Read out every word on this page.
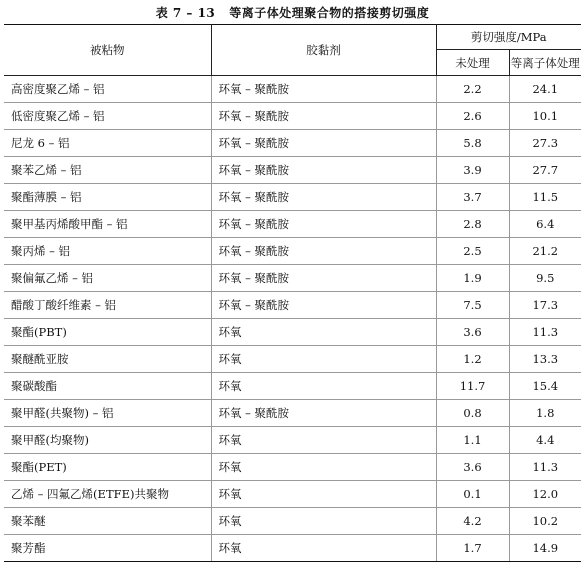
表 7 – 13 等离子体处理聚合物的搭接剪切强度
被粘物	胶黏剂	剪切强度/MPa	
		未处理	等离子体处理
高密度聚乙烯 – 铝	环氧 – 聚酰胺	2.2	24.1
低密度聚乙烯 – 铝	环氧 – 聚酰胺	2.6	10.1
尼龙 6 – 铝	环氧 – 聚酰胺	5.8	27.3
聚苯乙烯 – 铝	环氧 – 聚酰胺	3.9	27.7
聚酯薄膜 – 铝	环氧 – 聚酰胺	3.7	11.5
聚甲基丙烯酸甲酯 – 铝	环氧 – 聚酰胺	2.8	6.4
聚丙烯 – 铝	环氧 – 聚酰胺	2.5	21.2
聚偏氟乙烯 – 铝	环氧 – 聚酰胺	1.9	9.5
醋酸丁酸纤维素 – 铝	环氧 – 聚酰胺	7.5	17.3
聚酯(PBT)	环氧	3.6	11.3
聚醚酰亚胺	环氧	1.2	13.3
聚碳酸酯	环氧	11.7	15.4
聚甲醛(共聚物) – 铝	环氧 – 聚酰胺	0.8	1.8
聚甲醛(均聚物)	环氧	1.1	4.4
聚酯(PET)	环氧	3.6	11.3
乙烯 – 四氟乙烯(ETFE)共聚物	环氧	0.1	12.0
聚苯醚	环氧	4.2	10.2
聚芳酯	环氧	1.7	14.9
